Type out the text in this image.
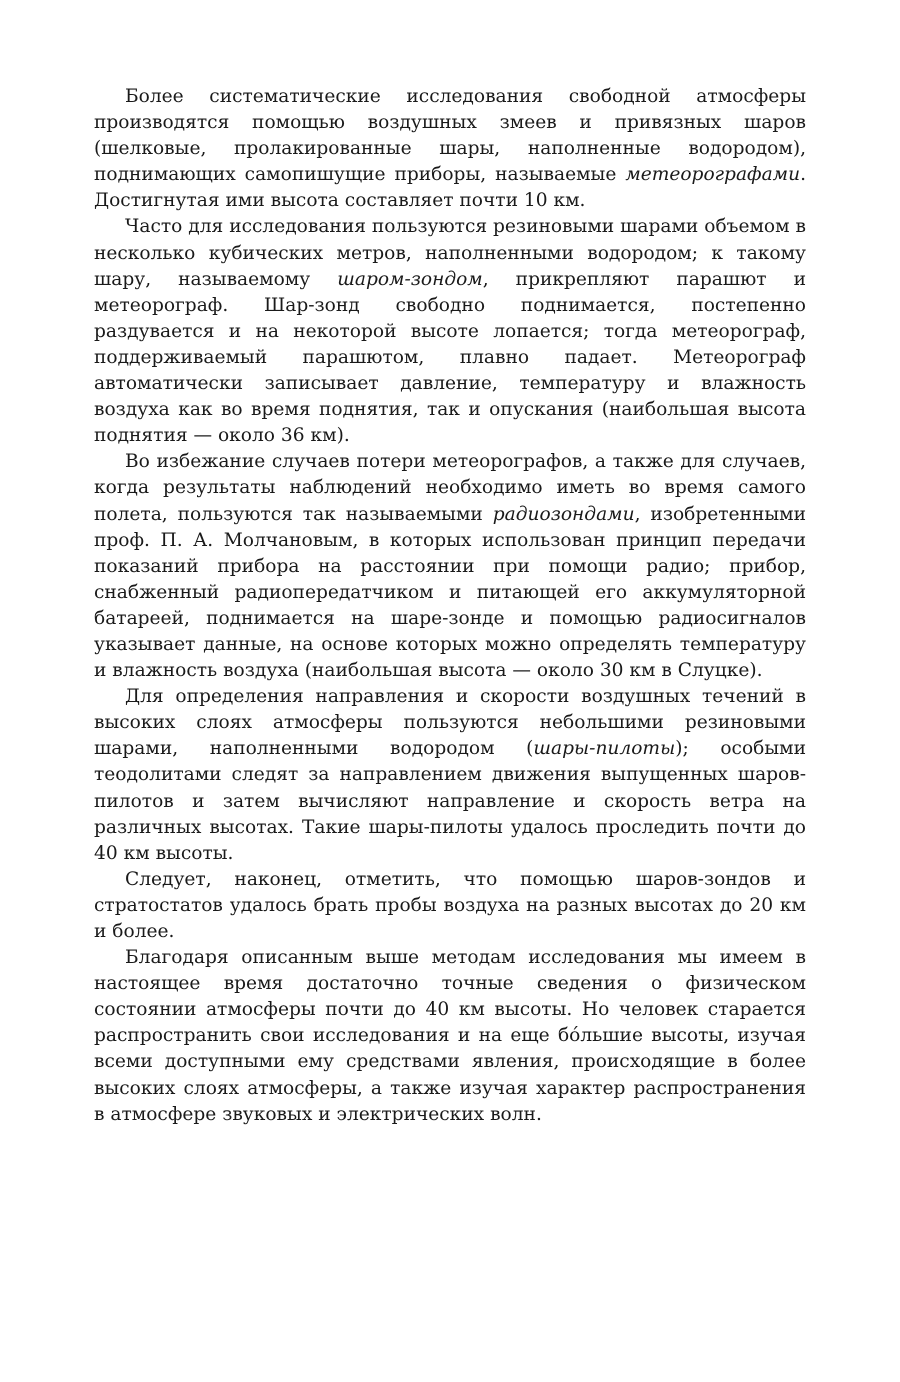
Более систематические исследования свободной атмосферы производятся помощью воздушных змеев и привязных шаров (шелковые, пролакированные шары, наполненные водородом), поднимающих самопишущие приборы, называемые метеорографами. Достигнутая ими высота составляет почти 10 км.

Часто для исследования пользуются резиновыми шарами объемом в несколько кубических метров, наполненными водородом; к такому шару, называемому шаром-зондом, прикрепляют парашют и метеорограф. Шар-зонд свободно поднимается, постепенно раздувается и на некоторой высоте лопается; тогда метеорограф, поддерживаемый парашютом, плавно падает. Метеорограф автоматически записывает давление, температуру и влажность воздуха как во время поднятия, так и опускания (наибольшая высота поднятия — около 36 км).

Во избежание случаев потери метеорографов, а также для случаев, когда результаты наблюдений необходимо иметь во время самого полета, пользуются так называемыми радиозондами, изобретенными проф. П. А. Молчановым, в которых использован принцип передачи показаний прибора на расстоянии при помощи радио; прибор, снабженный радиопередатчиком и питающей его аккумуляторной батареей, поднимается на шаре-зонде и помощью радиосигналов указывает данные, на основе которых можно определять температуру и влажность воздуха (наибольшая высота — около 30 км в Слуцке).

Для определения направления и скорости воздушных течений в высоких слоях атмосферы пользуются небольшими резиновыми шарами, наполненными водородом (шары-пилоты); особыми теодолитами следят за направлением движения выпущенных шаров-пилотов и затем вычисляют направление и скорость ветра на различных высотах. Такие шары-пилоты удалось проследить почти до 40 км высоты.

Следует, наконец, отметить, что помощью шаров-зондов и стратостатов удалось брать пробы воздуха на разных высотах до 20 км и более.

Благодаря описанным выше методам исследования мы имеем в настоящее время достаточно точные сведения о физическом состоянии атмосферы почти до 40 км высоты. Но человек старается распространить свои исследования и на еще бóльшие высоты, изучая всеми доступными ему средствами явления, происходящие в более высоких слоях атмосферы, а также изучая характер распространения в атмосфере звуковых и электрических волн.
